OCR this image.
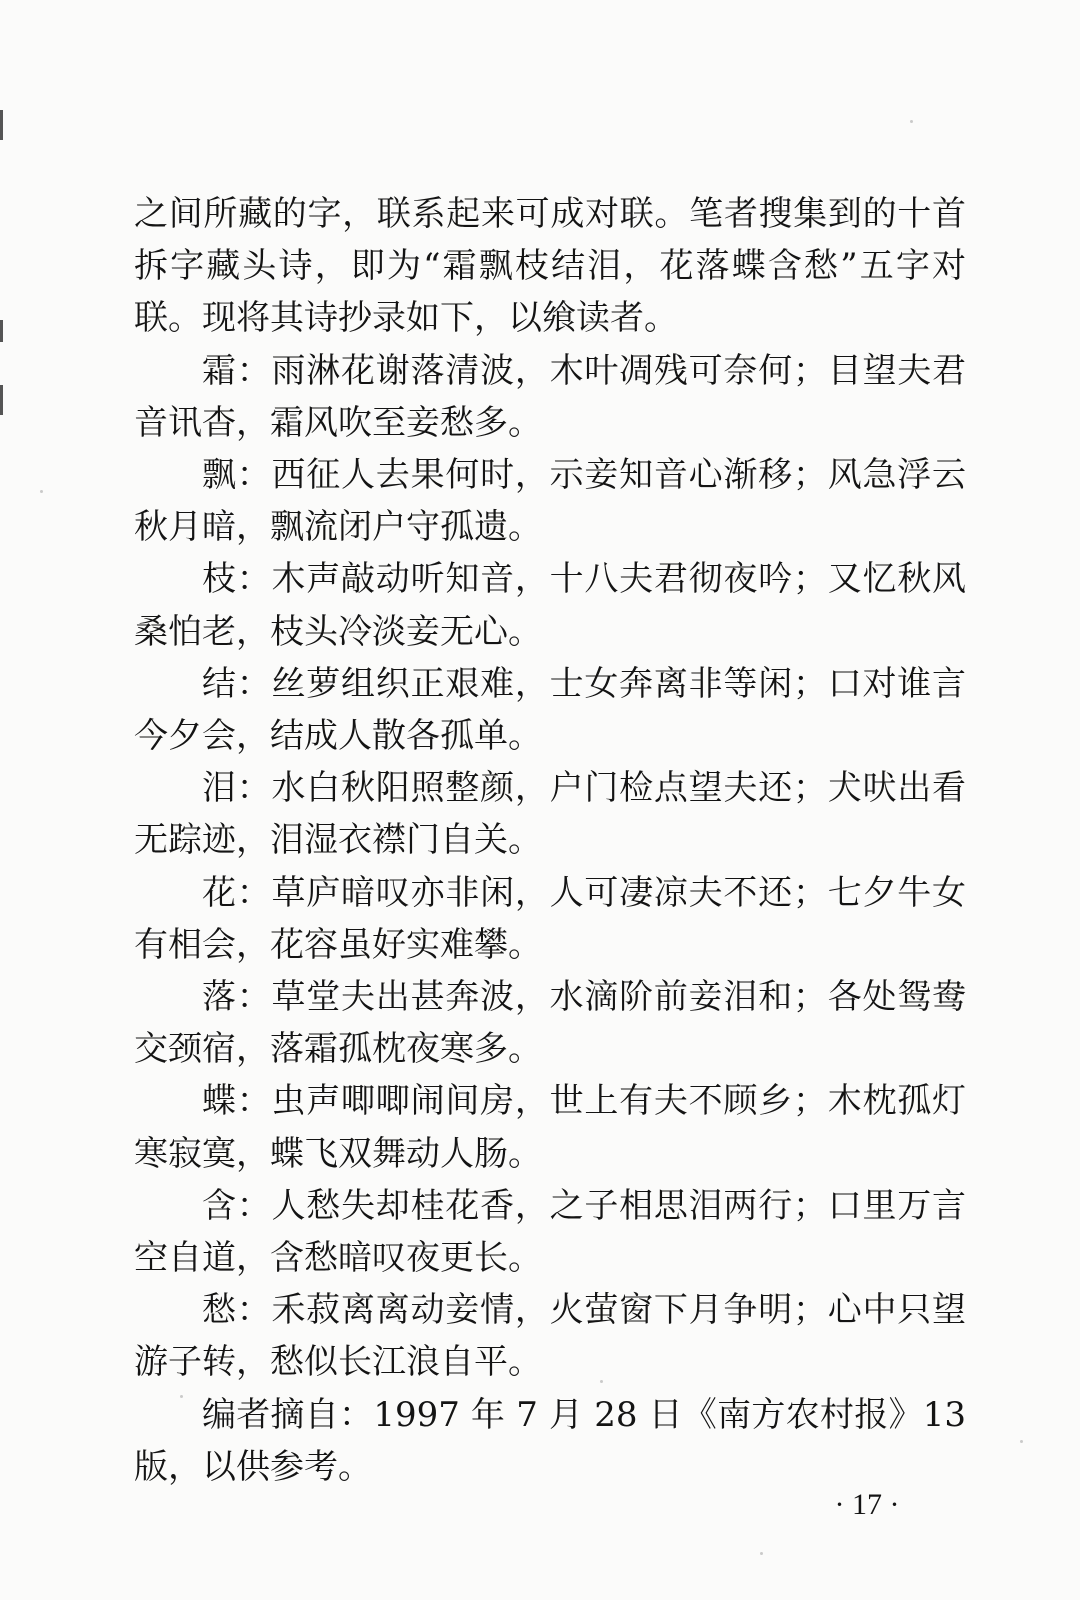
之间所藏的字，联系起来可成对联。笔者搜集到的十首拆字藏头诗，即为“霜飘枝结泪，花落蝶含愁”五字对联。现将其诗抄录如下，以飨读者。

霜：雨淋花谢落清波，木叶凋残可奈何；目望夫君音讯杳，霜风吹至妾愁多。

飘：西征人去果何时，示妾知音心渐移；风急浮云秋月暗，飘流闭户守孤遗。

枝：木声敲动听知音，十八夫君彻夜吟；又忆秋风桑怕老，枝头冷淡妾无心。

结：丝萝组织正艰难，士女奔离非等闲；口对谁言今夕会，结成人散各孤单。

泪：水白秋阳照整颜，户门检点望夫还；犬吠出看无踪迹，泪湿衣襟门自关。

花：草庐暗叹亦非闲，人可凄凉夫不还；七夕牛女有相会，花容虽好实难攀。

落：草堂夫出甚奔波，水滴阶前妾泪和；各处鸳鸯交颈宿，落霜孤枕夜寒多。

蝶：虫声唧唧闹间房，世上有夫不顾乡；木枕孤灯寒寂寞，蝶飞双舞动人肠。

含：人愁失却桂花香，之子相思泪两行；口里万言空自道，含愁暗叹夜更长。

愁：禾菽离离动妾情，火萤窗下月争明；心中只望游子转，愁似长江浪自平。

编者摘自：1997 年 7 月 28 日《南方农村报》13 版，以供参考。

· 17 ·
